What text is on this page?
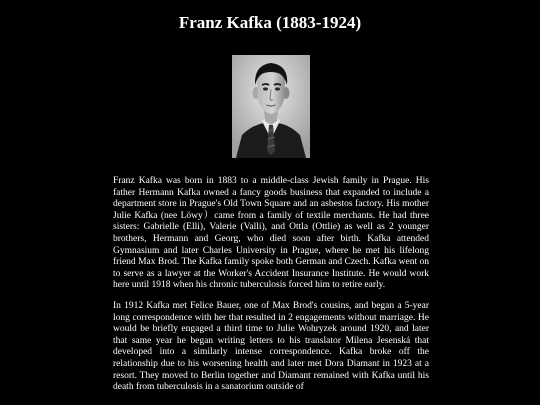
Franz Kafka (1883-1924)

Franz Kafka was born in 1883 to a middle-class Jewish family in Prague. His father Hermann Kafka owned a fancy goods business that expanded to include a department store in Prague's Old Town Square and an asbestos factory. His mother Julie Kafka (nee Löwy）came from a family of textile merchants. He had three sisters: Gabrielle (Elli), Valerie (Valli), and Ottla (Ottlie) as well as 2 younger brothers, Hermann and Georg, who died soon after birth. Kafka attended Gymnasium and later Charles University in Prague, where he met his lifelong friend Max Brod. The Kafka family spoke both German and Czech. Kafka went on to serve as a lawyer at the Worker's Accident Insurance Institute. He would work here until 1918 when his chronic tuberculosis forced him to retire early.

In 1912 Kafka met Felice Bauer, one of Max Brod's cousins, and began a 5-year long correspondence with her that resulted in 2 engagements without marriage. He would be briefly engaged a third time to Julie Wohryzek around 1920, and later that same year he began writing letters to his translator Milena Jesenská that developed into a similarly intense correspondence. Kafka broke off the relationship due to his worsening health and later met Dora Diamant in 1923 at a resort. They moved to Berlin together and Diamant remained with Kafka until his death from tuberculosis in a sanatorium outside of
